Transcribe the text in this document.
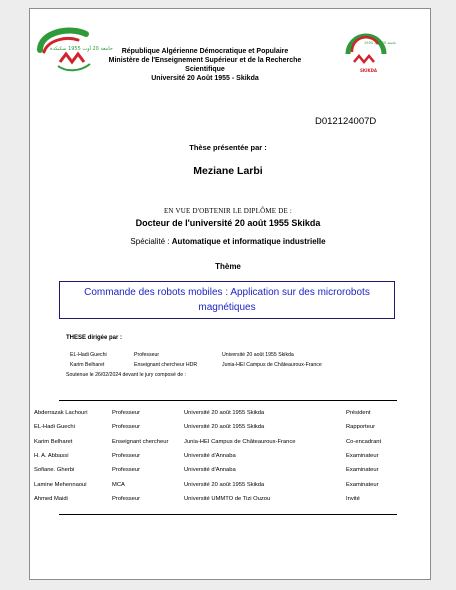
جامعة 20 أوت 1955 سكيكدة
جامعة 20 أوت 1955
SKIKDA
République Algérienne Démocratique et Populaire
Ministère de l'Enseignement Supérieur et de la Recherche
Scientifique
Université 20 Août 1955 - Skikda
D012124007D
Thèse présentée par :
Meziane Larbi
EN VUE D'OBTENIR LE DIPLÔME DE :
Docteur de l'université 20 août 1955 Skikda
Spécialité : Automatique et informatique industrielle
Thème
Commande des robots mobiles : Application sur des microrobots magnétiques
THESE dirigée par :
EL-Hadi Guechi	Professeur	Université 20 août 1955 Skikda
Karim Belharet	Enseignant chercheur HDR	Junia-HEI Campus de Châteauroux-France
Soutenue le 26/02/2024 devant le jury composé de :
Abderrazak Lachouri	Professeur	Université 20 août 1955 Skikda	Président
EL-Hadi Guechi	Professeur	Université 20 août 1955 Skikda	Rapporteur
Karim Belharet	Enseignant chercheur	Junia-HEI Campus de Châteauroux-France	Co-encadrant
H. A. Abbassi	Professeur	Université d'Annaba	Examinateur
Sofiane. Gherbi	Professeur	Université d'Annaba	Examinateur
Lamine Mehennaoui	MCA	Université 20 août 1955 Skikda	Examinateur
Ahmed Maidi	Professeur	Université UMMTO de Tizi Ouzou	Invité
